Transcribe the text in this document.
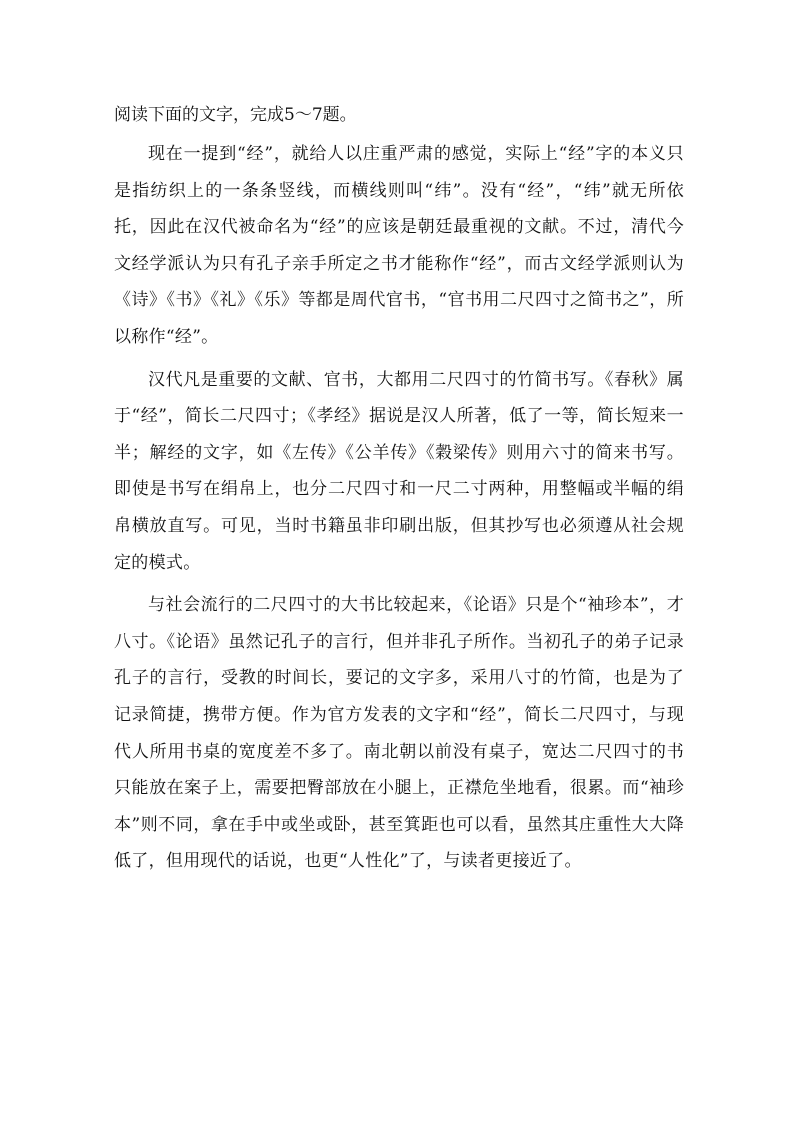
阅读下面的文字，完成5～7题。

现在一提到“经”，就给人以庄重严肃的感觉，实际上“经”字的本义只是指纺织上的一条条竖线，而横线则叫“纬”。没有“经”，“纬”就无所依托，因此在汉代被命名为“经”的应该是朝廷最重视的文献。不过，清代今文经学派认为只有孔子亲手所定之书才能称作“经”，而古文经学派则认为《诗》《书》《礼》《乐》等都是周代官书，“官书用二尺四寸之简书之”，所以称作“经”。

汉代凡是重要的文献、官书，大都用二尺四寸的竹简书写。《春秋》属于“经”，简长二尺四寸；《孝经》据说是汉人所著，低了一等，简长短来一半；解经的文字，如《左传》《公羊传》《穀梁传》则用六寸的简来书写。即使是书写在绢帛上，也分二尺四寸和一尺二寸两种，用整幅或半幅的绢帛横放直写。可见，当时书籍虽非印刷出版，但其抄写也必须遵从社会规定的模式。

与社会流行的二尺四寸的大书比较起来，《论语》只是个“袖珍本”，才八寸。《论语》虽然记孔子的言行，但并非孔子所作。当初孔子的弟子记录孔子的言行，受教的时间长，要记的文字多，采用八寸的竹简，也是为了记录简捷，携带方便。作为官方发表的文字和“经”，简长二尺四寸，与现代人所用书桌的宽度差不多了。南北朝以前没有桌子，宽达二尺四寸的书只能放在案子上，需要把臀部放在小腿上，正襟危坐地看，很累。而“袖珍本”则不同，拿在手中或坐或卧，甚至箕距也可以看，虽然其庄重性大大降低了，但用现代的话说，也更“人性化”了，与读者更接近了。
